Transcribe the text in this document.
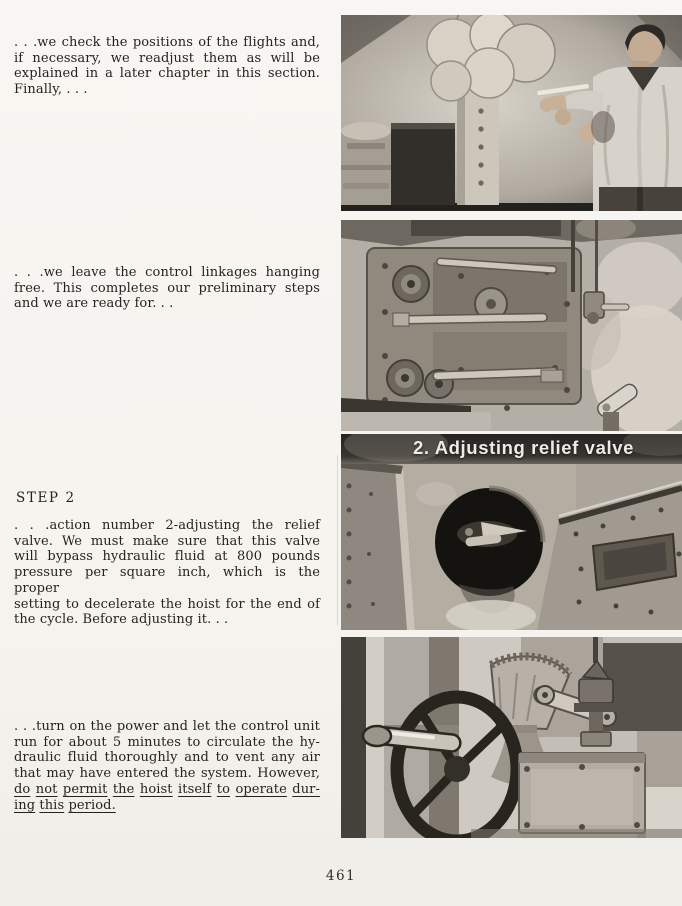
. . .we check the positions of the flights and,
if necessary, we readjust them as will be
explained in a later chapter in this section.
Finally, . . .
. . .we leave the control linkages hanging
free. This completes our preliminary steps
and we are ready for. . .
STEP 2
. . .action number 2-adjusting the relief
valve. We must make sure that this valve
will bypass hydraulic fluid at 800 pounds
pressure per square inch, which is the proper
setting to decelerate the hoist for the end of
the cycle. Before adjusting it. . .
. . .turn on the power and let the control unit
run for about 5 minutes to circulate the hy-
draulic fluid thoroughly and to vent any air
that may have entered the system. However,
do not permit the hoist itself to operate dur-
ing this period.
2. Adjusting relief valve
461
